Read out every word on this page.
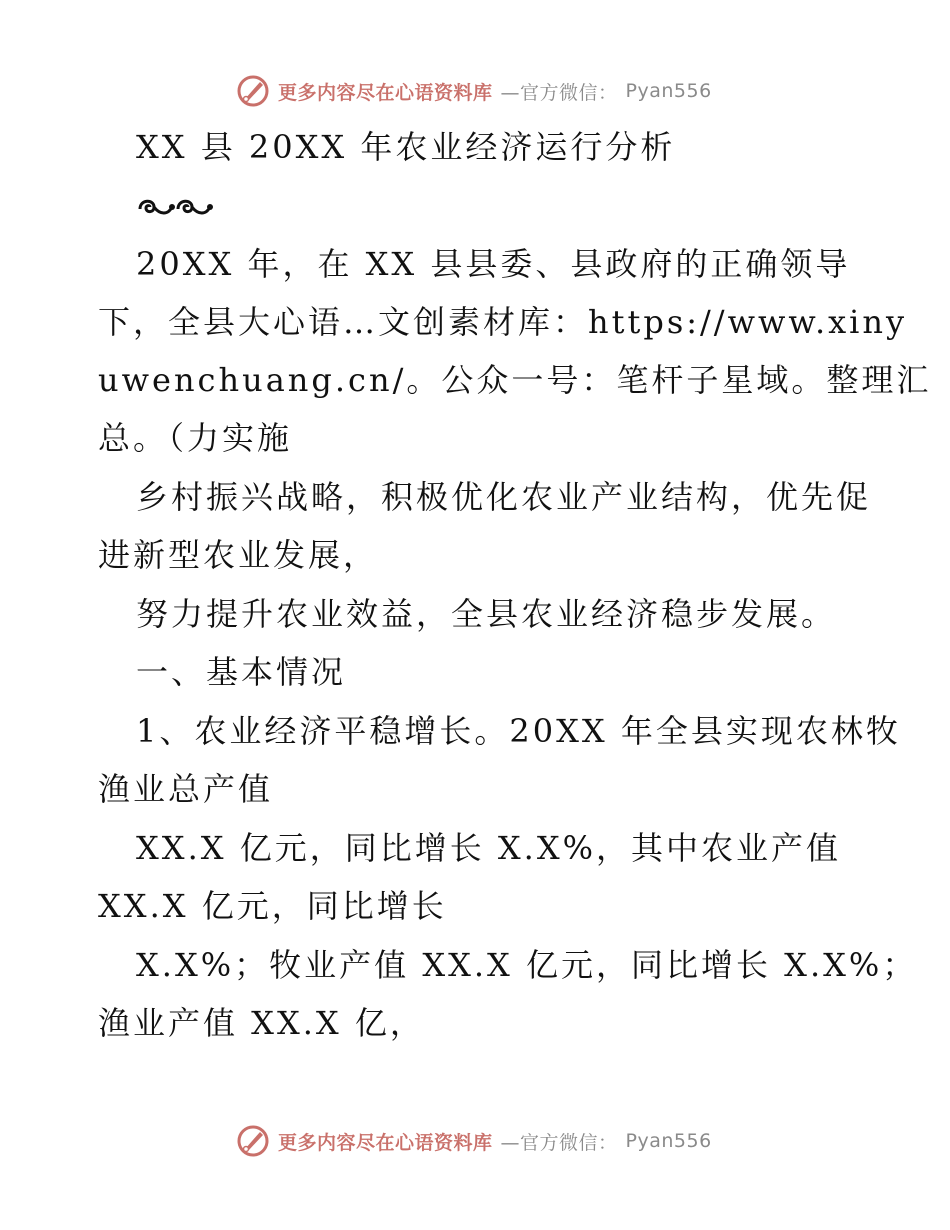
更多内容尽在心语资料库 —官方微信： Pyan556
XX 县 20XX 年农业经济运行分析
20XX 年，在 XX 县县委、县政府的正确领导
下，全县大心语…文创素材库：https://www.xiny
uwenchuang.cn/。公众一号：笔杆子星域。整理汇
总。（力实施
乡村振兴战略，积极优化农业产业结构，优先促
进新型农业发展，
努力提升农业效益，全县农业经济稳步发展。
一、基本情况
1、农业经济平稳增长。20XX 年全县实现农林牧
渔业总产值
XX.X 亿元，同比增长 X.X%，其中农业产值
XX.X 亿元，同比增长
X.X%；牧业产值 XX.X 亿元，同比增长 X.X%；
渔业产值 XX.X 亿，
更多内容尽在心语资料库 —官方微信： Pyan556
